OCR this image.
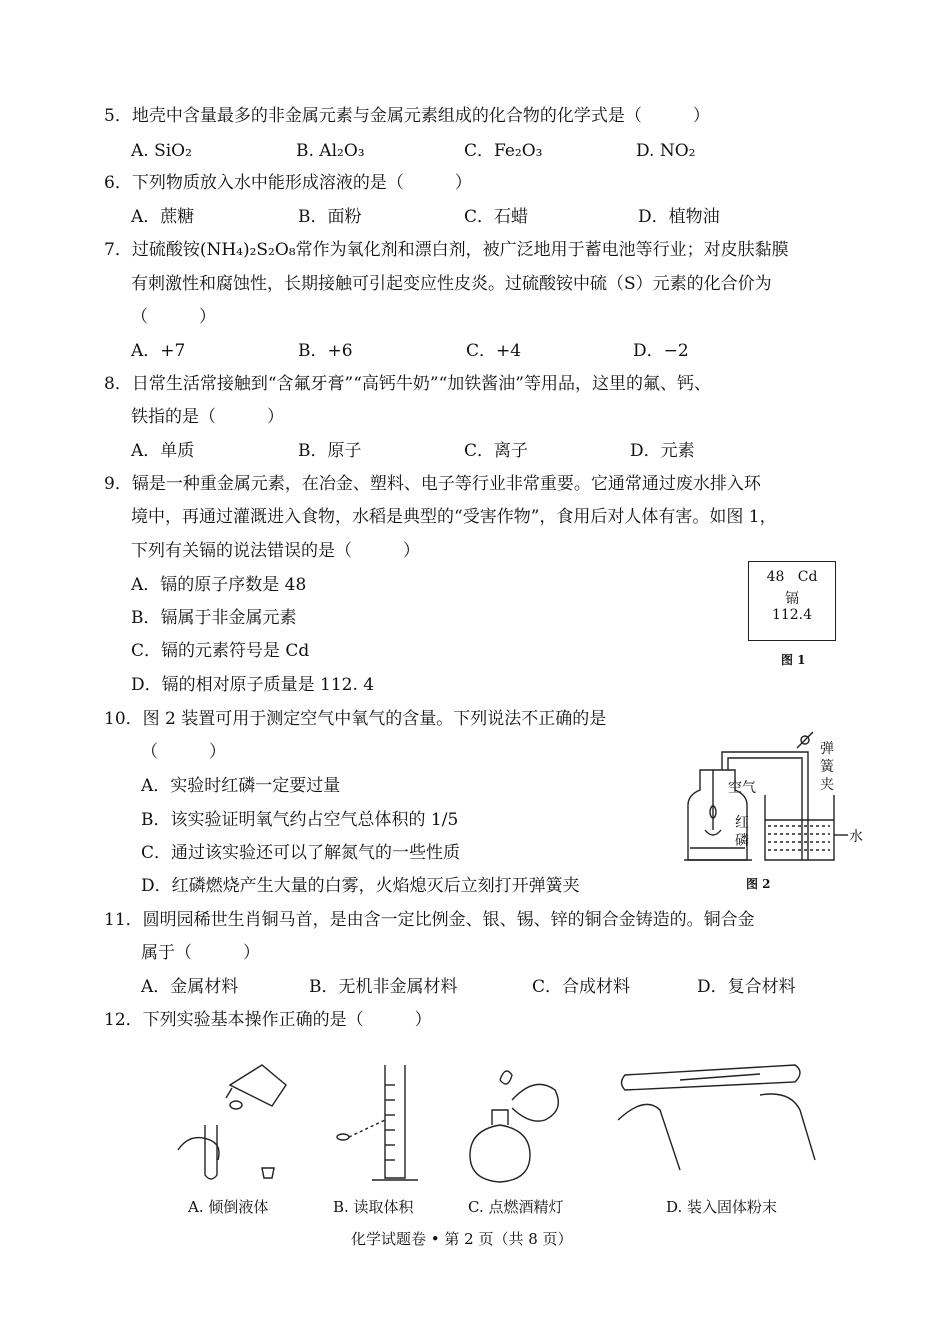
5．地壳中含量最多的非金属元素与金属元素组成的化合物的化学式是（　　　）
A. SiO₂	B. Al₂O₃	C．Fe₂O₃	D. NO₂
6．下列物质放入水中能形成溶液的是（　　　）
A．蔗糖	B．面粉	C．石蜡	D．植物油
7．过硫酸铵(NH₄)₂S₂O₈常作为氧化剂和漂白剂，被广泛地用于蓄电池等行业；对皮肤黏膜
有刺激性和腐蚀性，长期接触可引起变应性皮炎。过硫酸铵中硫（S）元素的化合价为
（　　　）
A．+7	B．+6	C．+4	D．−2
8．日常生活常接触到“含氟牙膏”“高钙牛奶”“加铁酱油”等用品，这里的氟、钙、
铁指的是（　　　）
A．单质	B．原子	C．离子	D．元素
9．镉是一种重金属元素，在冶金、塑料、电子等行业非常重要。它通常通过废水排入环
境中，再通过灌溉进入食物，水稻是典型的“受害作物”，食用后对人体有害。如图 1，
下列有关镉的说法错误的是（　　　）
A．镉的原子序数是 48
B．镉属于非金属元素
C．镉的元素符号是 Cd
D．镉的相对原子质量是 112. 4
48 Cd
镉
112.4
图 1
10．图 2 装置可用于测定空气中氧气的含量。下列说法不正确的是
（　　　）
A．实验时红磷一定要过量
B．该实验证明氧气约占空气总体积的 1/5
C．通过该实验还可以了解氮气的一些性质
D．红磷燃烧产生大量的白雾，火焰熄灭后立刻打开弹簧夹
空气
红
磷
弹
簧
夹
水
图 2
11．圆明园稀世生肖铜马首，是由含一定比例金、银、锡、锌的铜合金铸造的。铜合金
属于（　　　）
A．金属材料	B．无机非金属材料	C．合成材料	D．复合材料
12．下列实验基本操作正确的是（　　　）
A. 倾倒液体	B. 读取体积	C. 点燃酒精灯	D. 装入固体粉末
化学试题卷 • 第 2 页（共 8 页）
